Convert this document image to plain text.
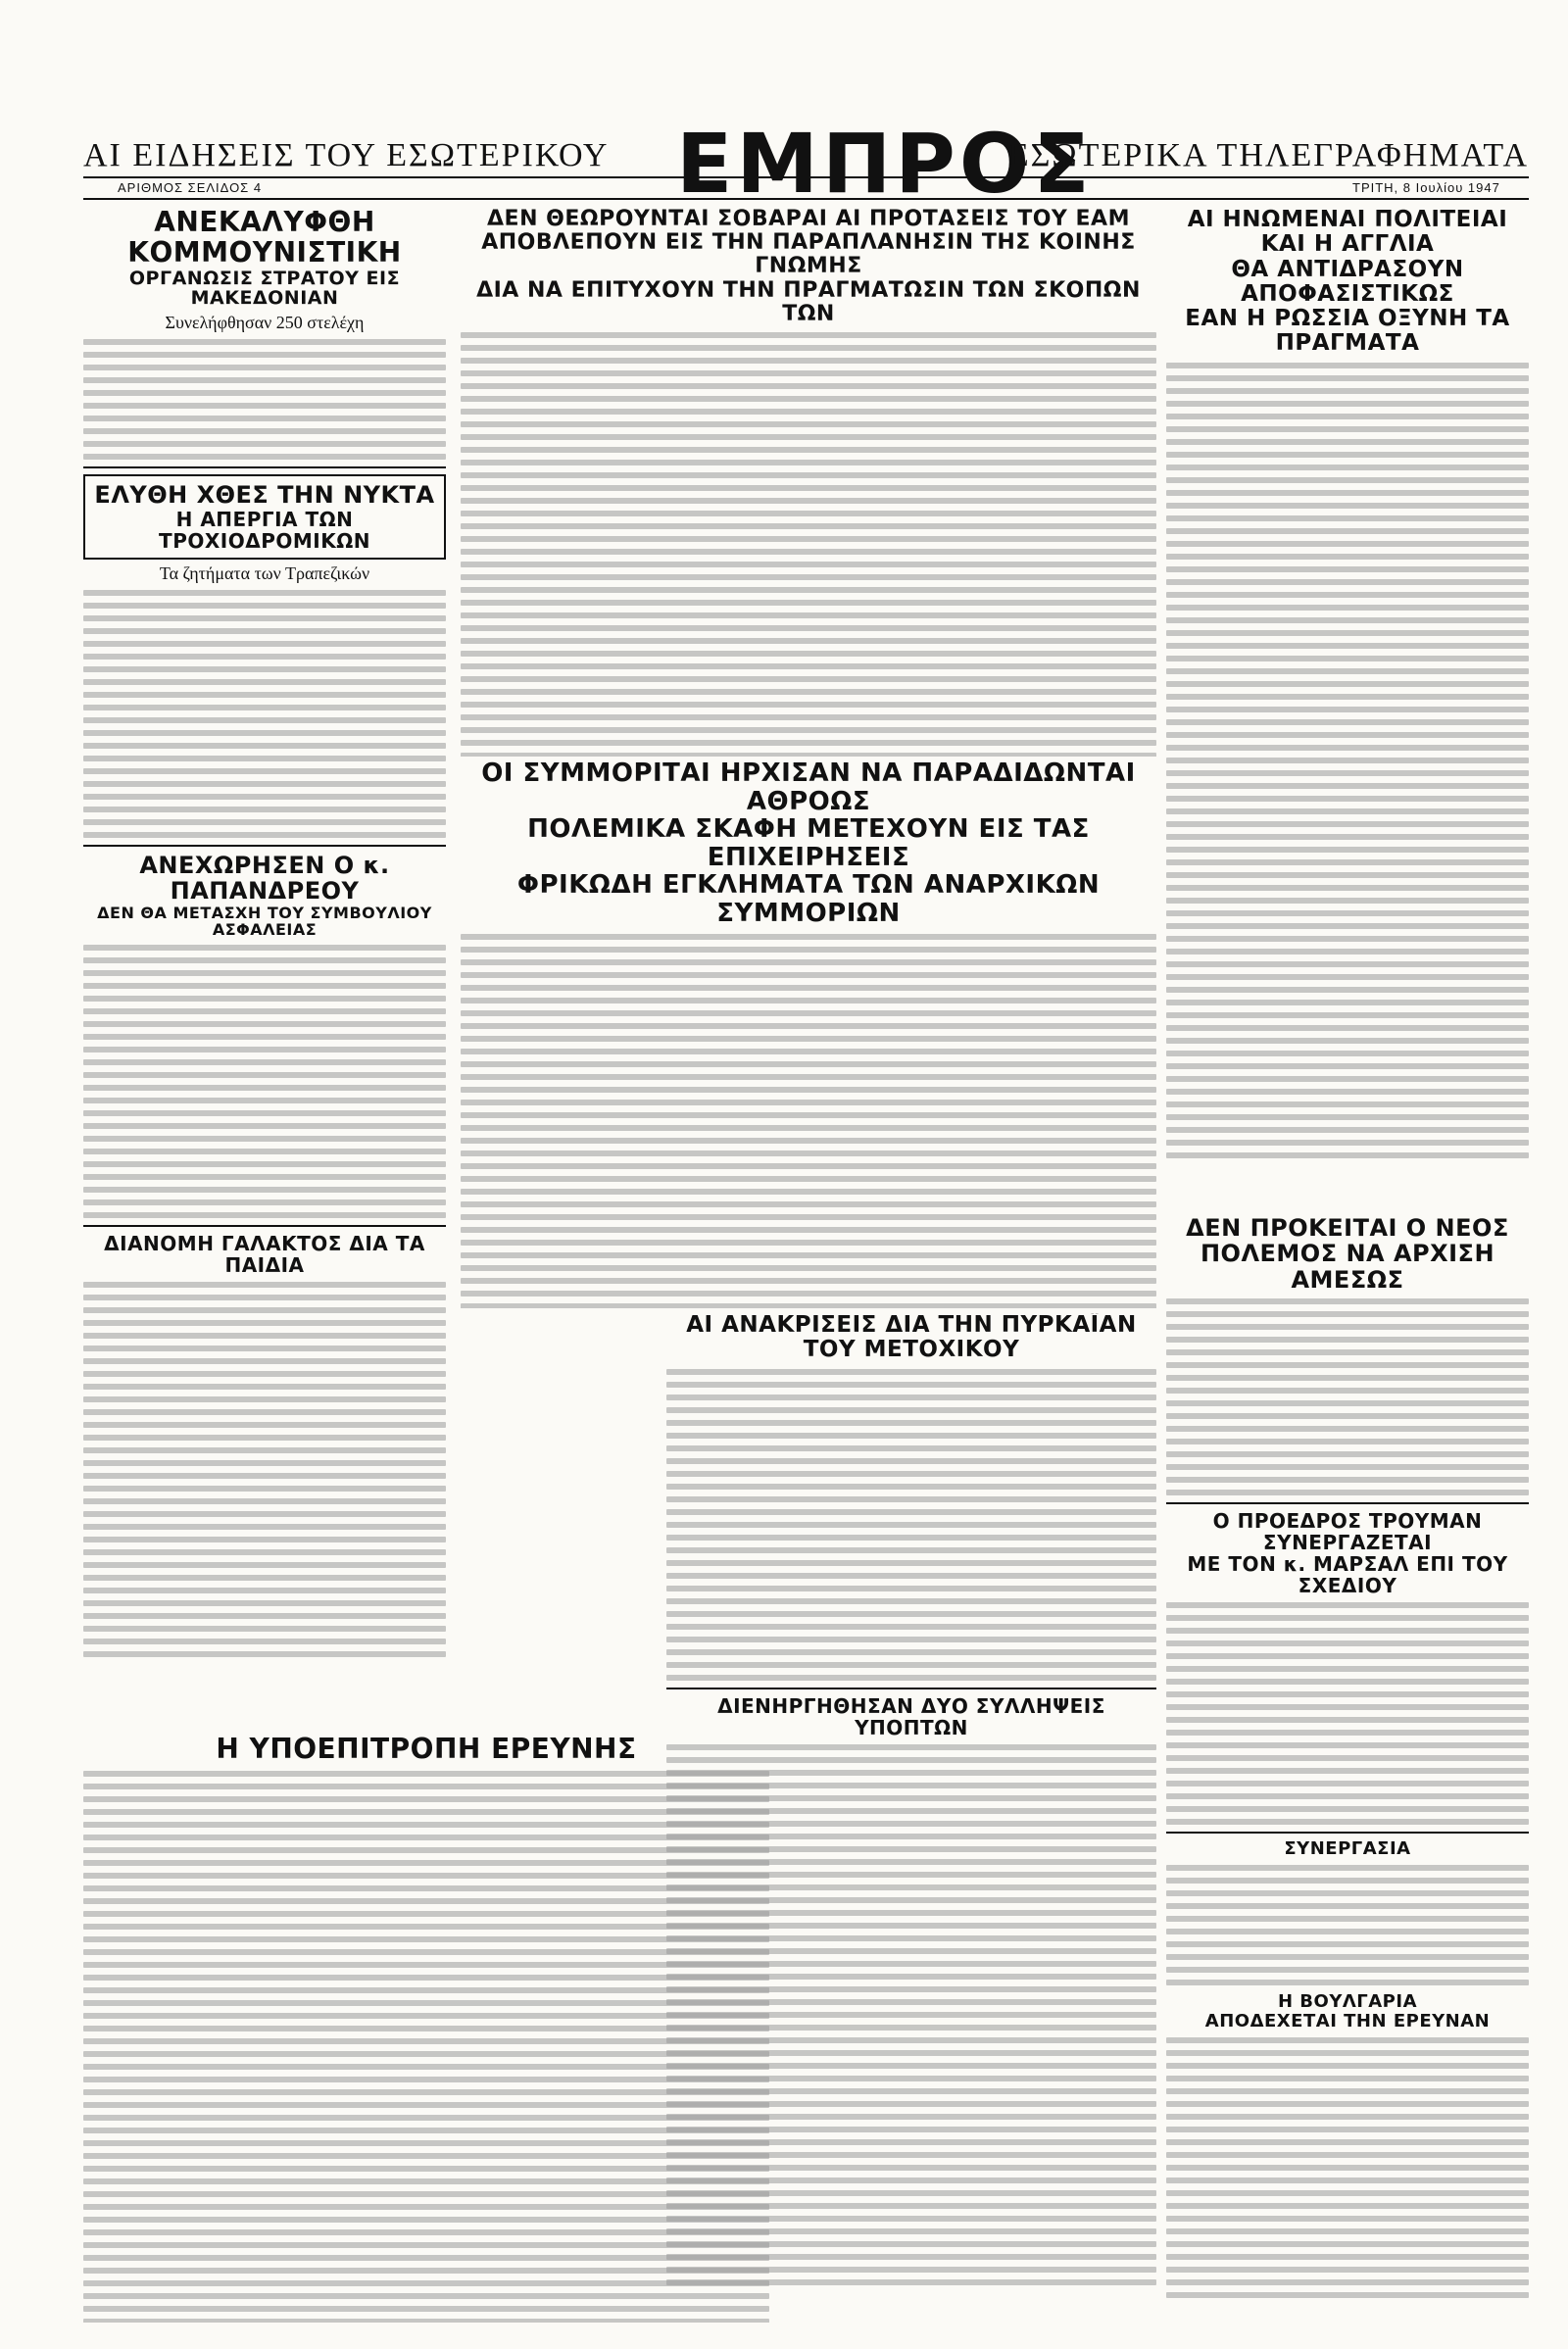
ΑΙ ΕΙΔΗΣΕΙΣ ΤΟΥ ΕΣΩΤΕΡΙΚΟΥ ΕΜΠΡΟΣ
ΕΣΩΤΕΡΙΚΑ ΤΗΛΕΓΡΑΦΗΜΑΤΑ
ΑΡΙΘΜΟΣ ΣΕΛΙΔΟΣ 4	ΤΡΙΤΗ, 8 Ιουλίου 1947
ΑΝΕΚΑΛΥΦΘΗ ΚΟΜΜΟΥΝΙΣΤΙΚΗ
ΟΡΓΑΝΩΣΙΣ ΣΤΡΑΤΟΥ ΕΙΣ ΜΑΚΕΔΟΝΙΑΝ
Συνελήφθησαν 250 στελέχη
ΕΛΥΘΗ ΧΘΕΣ ΤΗΝ ΝΥΚΤΑ
Η ΑΠΕΡΓΙΑ ΤΩΝ ΤΡΟΧΙΟΔΡΟΜΙΚΩΝ
Τα ζητήματα των Τραπεζικών
ΑΝΕΧΩΡΗΣΕΝ Ο κ. ΠΑΠΑΝΔΡΕΟΥ
ΔΕΝ ΘΑ ΜΕΤΑΣΧΗ ΤΟΥ ΣΥΜΒΟΥΛΙΟΥ ΑΣΦΑΛΕΙΑΣ
ΔΙΑΝΟΜΗ ΓΑΛΑΚΤΟΣ ΔΙΑ ΤΑ ΠΑΙΔΙΑ
Η ΥΠΟΕΠΙΤΡΟΠΗ ΕΡΕΥΝΗΣ
ΔΕΝ ΘΕΩΡΟΥΝΤΑΙ ΣΟΒΑΡΑΙ ΑΙ ΠΡΟΤΑΣΕΙΣ ΤΟΥ ΕΑΜ
ΑΠΟΒΛΕΠΟΥΝ ΕΙΣ ΤΗΝ ΠΑΡΑΠΛΑΝΗΣΙΝ ΤΗΣ ΚΟΙΝΗΣ ΓΝΩΜΗΣ
ΔΙΑ ΝΑ ΕΠΙΤΥΧΟΥΝ ΤΗΝ ΠΡΑΓΜΑΤΩΣΙΝ ΤΩΝ ΣΚΟΠΩΝ ΤΩΝ
ΑΙ ΗΝΩΜΕΝΑΙ ΠΟΛΙΤΕΙΑΙ ΚΑΙ Η ΑΓΓΛΙΑ
ΘΑ ΑΝΤΙΔΡΑΣΟΥΝ ΑΠΟΦΑΣΙΣΤΙΚΩΣ
ΕΑΝ Η ΡΩΣΣΙΑ ΟΞΥΝΗ ΤΑ ΠΡΑΓΜΑΤΑ
ΟΙ ΣΥΜΜΟΡΙΤΑΙ ΗΡΧΙΣΑΝ ΝΑ ΠΑΡΑΔΙΔΩΝΤΑΙ ΑΘΡΟΩΣ
ΠΟΛΕΜΙΚΑ ΣΚΑΦΗ ΜΕΤΕΧΟΥΝ ΕΙΣ ΤΑΣ ΕΠΙΧΕΙΡΗΣΕΙΣ
ΦΡΙΚΩΔΗ ΕΓΚΛΗΜΑΤΑ ΤΩΝ ΑΝΑΡΧΙΚΩΝ ΣΥΜΜΟΡΙΩΝ
ΑΙ ΑΝΑΚΡΙΣΕΙΣ ΔΙΑ ΤΗΝ ΠΥΡΚΑΪΑΝ ΤΟΥ ΜΕΤΟΧΙΚΟΥ
ΔΙΕΝΗΡΓΗΘΗΣΑΝ ΔΥΟ ΣΥΛΛΗΨΕΙΣ ΥΠΟΠΤΩΝ
ΔΕΝ ΠΡΟΚΕΙΤΑΙ Ο ΝΕΟΣ
ΠΟΛΕΜΟΣ ΝΑ ΑΡΧΙΣΗ ΑΜΕΣΩΣ
Ο ΠΡΟΕΔΡΟΣ ΤΡΟΥΜΑΝ ΣΥΝΕΡΓΑΖΕΤΑΙ
ΜΕ ΤΟΝ κ. ΜΑΡΣΑΛ ΕΠΙ ΤΟΥ ΣΧΕΔΙΟΥ
ΣΥΝΕΡΓΑΣΙΑ
Η ΒΟΥΛΓΑΡΙΑ
ΑΠΟΔΕΧΕΤΑΙ ΤΗΝ ΕΡΕΥΝΑΝ
